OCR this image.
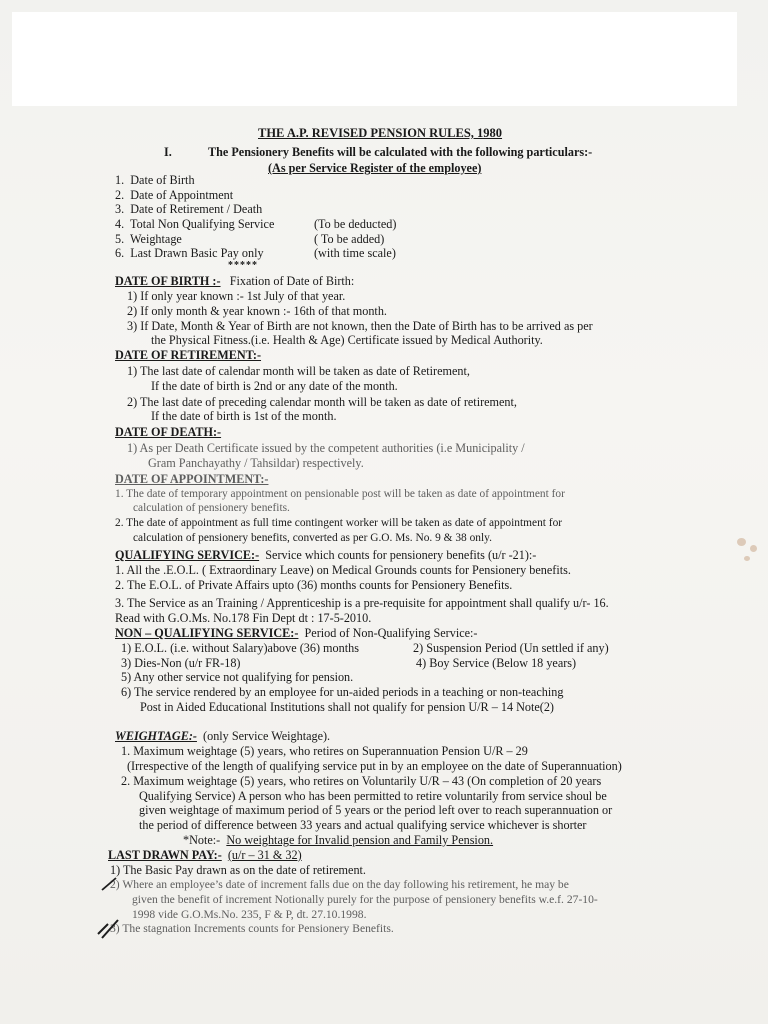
THE A.P. REVISED PENSION RULES, 1980
I.	The Pensionery Benefits will be calculated with the following particulars:-
(As per Service Register of the employee)
1. Date of Birth
2. Date of Appointment
3. Date of Retirement / Death
4. Total Non Qualifying Service	(To be deducted)
5. Weightage	( To be added)
6. Last Drawn Basic Pay only	(with time scale)
*****
DATE OF BIRTH :- Fixation of Date of Birth:
1) If only year known :- 1st July of that year.
2) If only month & year known :- 16th of that month.
3) If Date, Month & Year of Birth are not known, then the Date of Birth has to be arrived as per
the Physical Fitness.(i.e. Health & Age) Certificate issued by Medical Authority.
DATE OF RETIREMENT:-
1) The last date of calendar month will be taken as date of Retirement,
If the date of birth is 2nd or any date of the month.
2) The last date of preceding calendar month will be taken as date of retirement,
If the date of birth is 1st of the month.
DATE OF DEATH:-
1) As per Death Certificate issued by the competent authorities (i.e Municipality /
Gram Panchayathy / Tahsildar) respectively.
DATE OF APPOINTMENT:-
1. The date of temporary appointment on pensionable post will be taken as date of appointment for
calculation of pensionery benefits.
2. The date of appointment as full time contingent worker will be taken as date of appointment for
calculation of pensionery benefits, converted as per G.O. Ms. No. 9 & 38 only.
QUALIFYING SERVICE:- Service which counts for pensionery benefits (u/r -21):-
1. All the .E.O.L. ( Extraordinary Leave) on Medical Grounds counts for Pensionery benefits.
2. The E.O.L. of Private Affairs upto (36) months counts for Pensionery Benefits.
3. The Service as an Training / Apprenticeship is a pre-requisite for appointment shall qualify u/r- 16.
Read with G.O.Ms. No.178 Fin Dept dt : 17-5-2010.
NON – QUALIFYING SERVICE:- Period of Non-Qualifying Service:-
1) E.O.L. (i.e. without Salary)above (36) months	2) Suspension Period (Un settled if any)
3) Dies-Non (u/r FR-18)	4) Boy Service (Below 18 years)
5) Any other service not qualifying for pension.
6) The service rendered by an employee for un-aided periods in a teaching or non-teaching
Post in Aided Educational Institutions shall not qualify for pension U/R – 14 Note(2)
WEIGHTAGE:- (only Service Weightage).
1. Maximum weightage (5) years, who retires on Superannuation Pension U/R – 29
(Irrespective of the length of qualifying service put in by an employee on the date of Superannuation)
2. Maximum weightage (5) years, who retires on Voluntarily U/R – 43 (On completion of 20 years
Qualifying Service) A person who has been permitted to retire voluntarily from service shoul be
given weightage of maximum period of 5 years or the period left over to reach superannuation or
the period of difference between 33 years and actual qualifying service whichever is shorter
*Note:- No weightage for Invalid pension and Family Pension.
LAST DRAWN PAY:- (u/r – 31 & 32)
1) The Basic Pay drawn as on the date of retirement.
2) Where an employee’s date of increment falls due on the day following his retirement, he may be
given the benefit of increment Notionally purely for the purpose of pensionery benefits w.e.f. 27-10-
1998 vide G.O.Ms.No. 235, F & P, dt. 27.10.1998.
3) The stagnation Increments counts for Pensionery Benefits.
